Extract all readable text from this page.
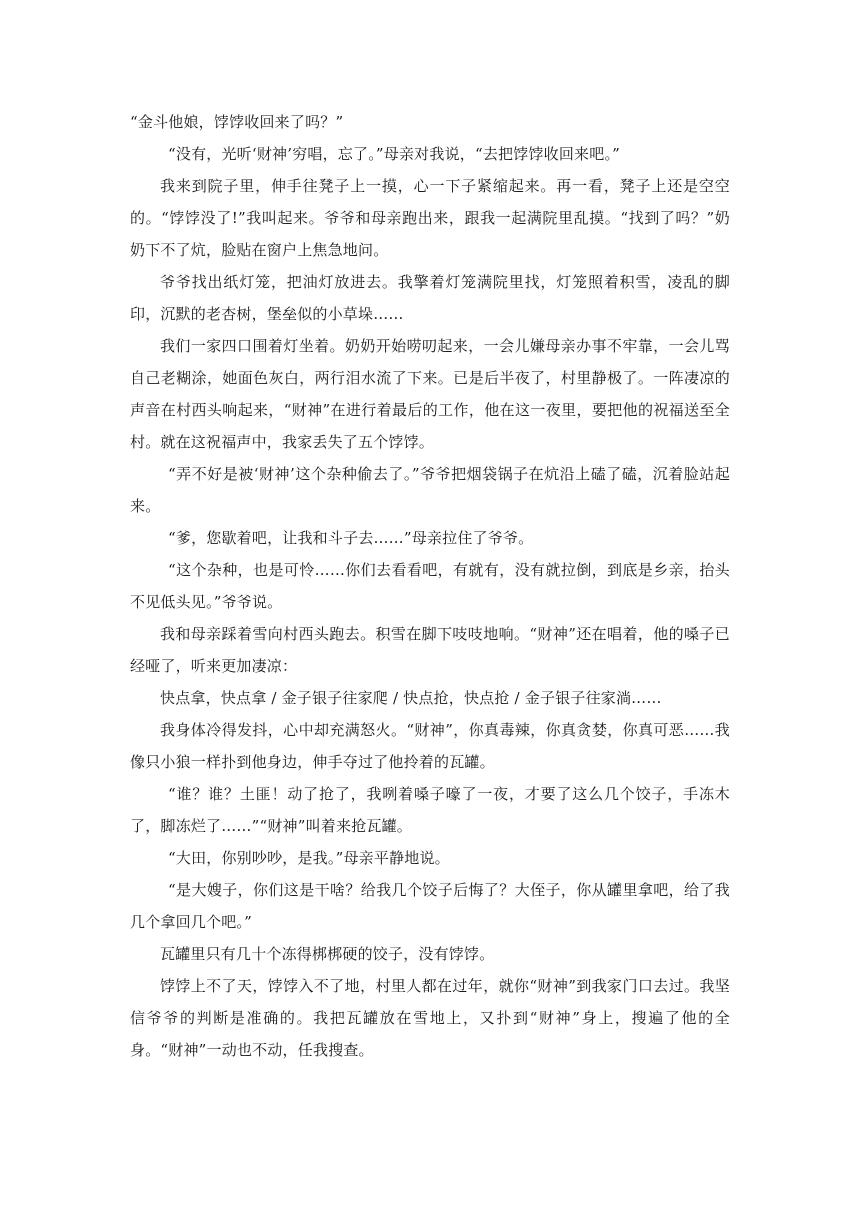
“金斗他娘，饽饽收回来了吗？”

“没有，光听‘财神’穷唱，忘了。”母亲对我说，“去把饽饽收回来吧。”

我来到院子里，伸手往凳子上一摸，心一下子紧缩起来。再一看，凳子上还是空空的。“饽饽没了!”我叫起来。爷爷和母亲跑出来，跟我一起满院里乱摸。“找到了吗？”奶奶下不了炕，脸贴在窗户上焦急地问。

爷爷找出纸灯笼，把油灯放进去。我擎着灯笼满院里找，灯笼照着积雪，凌乱的脚印，沉默的老杏树，堡垒似的小草垛……

我们一家四口围着灯坐着。奶奶开始唠叨起来，一会儿嫌母亲办事不牢靠，一会儿骂自己老糊涂，她面色灰白，两行泪水流了下来。已是后半夜了，村里静极了。一阵凄凉的声音在村西头响起来，“财神”在进行着最后的工作，他在这一夜里，要把他的祝福送至全村。就在这祝福声中，我家丢失了五个饽饽。

“弄不好是被‘财神’这个杂种偷去了。”爷爷把烟袋锅子在炕沿上磕了磕，沉着脸站起来。

“爹，您歇着吧，让我和斗子去……”母亲拉住了爷爷。

“这个杂种，也是可怜……你们去看看吧，有就有，没有就拉倒，到底是乡亲，抬头不见低头见。”爷爷说。

我和母亲踩着雪向村西头跑去。积雪在脚下吱吱地响。“财神”还在唱着，他的嗓子已经哑了，听来更加凄凉：

快点拿，快点拿 / 金子银子往家爬 / 快点抢，快点抢 / 金子银子往家淌……

我身体冷得发抖，心中却充满怒火。“财神”，你真毒辣，你真贪婪，你真可恶……我像只小狼一样扑到他身边，伸手夺过了他拎着的瓦罐。

“谁？谁？土匪！动了抢了，我咧着嗓子嚎了一夜，才要了这么几个饺子，手冻木了，脚冻烂了……”“财神”叫着来抢瓦罐。

“大田，你别吵吵，是我。”母亲平静地说。

“是大嫂子，你们这是干啥？给我几个饺子后悔了？大侄子，你从罐里拿吧，给了我几个拿回几个吧。”

瓦罐里只有几十个冻得梆梆硬的饺子，没有饽饽。

饽饽上不了天，饽饽入不了地，村里人都在过年，就你“财神”到我家门口去过。我坚信爷爷的判断是准确的。我把瓦罐放在雪地上，又扑到“财神”身上，搜遍了他的全身。“财神”一动也不动，任我搜查。
